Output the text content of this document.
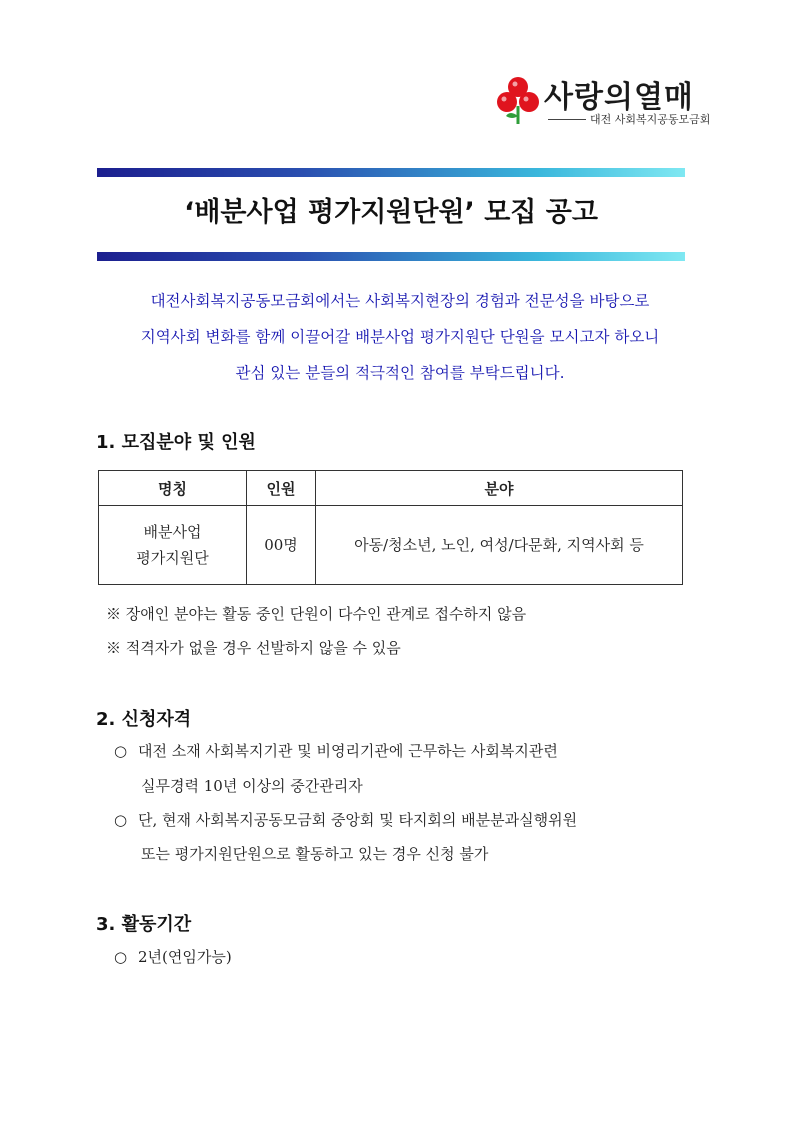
사랑의열매
대전 사회복지공동모금회
‘배분사업 평가지원단원’ 모집 공고
대전사회복지공동모금회에서는 사회복지현장의 경험과 전문성을 바탕으로
지역사회 변화를 함께 이끌어갈 배분사업 평가지원단 단원을 모시고자 하오니
관심 있는 분들의 적극적인 참여를 부탁드립니다.
1. 모집분야 및 인원
명칭	인원	분야

배분사업
평가지원단	00명	아동/청소년, 노인, 여성/다문화, 지역사회 등
※ 장애인 분야는 활동 중인 단원이 다수인 관계로 접수하지 않음
※ 적격자가 없을 경우 선발하지 않을 수 있음
2. 신청자격
○ 대전 소재 사회복지기관 및 비영리기관에 근무하는 사회복지관련
실무경력 10년 이상의 중간관리자
○ 단, 현재 사회복지공동모금회 중앙회 및 타지회의 배분분과실행위원
또는 평가지원단원으로 활동하고 있는 경우 신청 불가
3. 활동기간
○ 2년(연임가능)
